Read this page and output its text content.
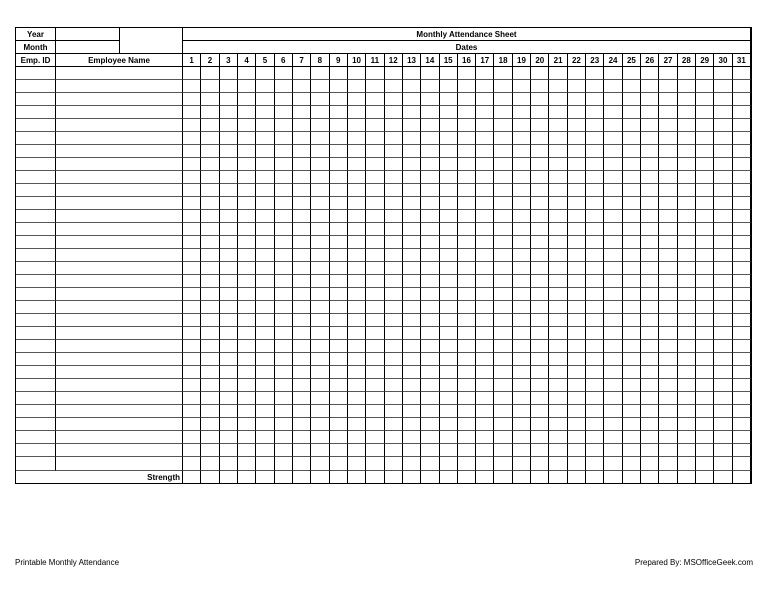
Year
Month
Monthly Attendance Sheet
Dates
Emp. ID	Employee Name	1	2	3	4	5	6	7	8	9	10	11	12	13	14	15	16	17	18	19	20	21	22	23	24	25	26	27	28	29	30	31
Strength
Printable Monthly Attendance	Prepared By: MSOfficeGeek.com
